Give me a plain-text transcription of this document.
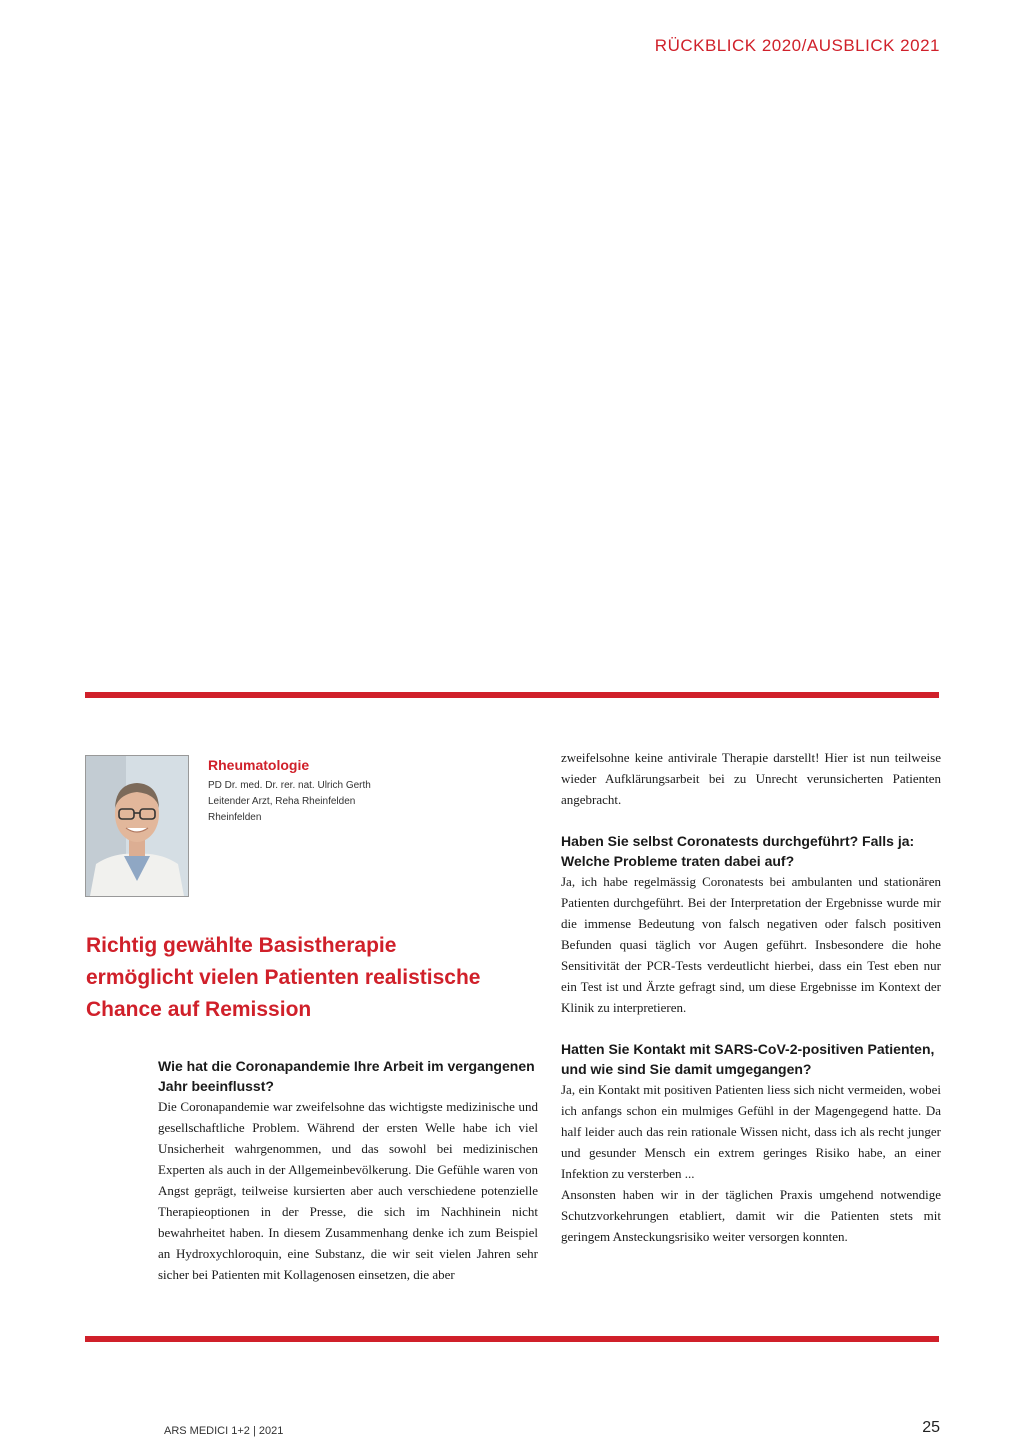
RÜCKBLICK 2020/AUSBLICK 2021
Rheumatologie
PD Dr. med. Dr. rer. nat. Ulrich Gerth
Leitender Arzt, Reha Rheinfelden
Rheinfelden
Richtig gewählte Basistherapie
ermöglicht vielen Patienten realistische
Chance auf Remission
Wie hat die Coronapandemie Ihre Arbeit im vergangenen Jahr beeinflusst?
Die Coronapandemie war zweifelsohne das wichtigste medizinische und gesellschaftliche Problem. Während der ersten Welle habe ich viel Unsicherheit wahrgenommen, und das sowohl bei medizinischen Experten als auch in der Allgemeinbevölkerung. Die Gefühle waren von Angst geprägt, teilweise kursierten aber auch verschiedene potenzielle Therapieoptionen in der Presse, die sich im Nachhinein nicht bewahrheitet haben. In diesem Zusammenhang denke ich zum Beispiel an Hydroxychloroquin, eine Substanz, die wir seit vielen Jahren sehr sicher bei Patienten mit Kollagenosen einsetzen, die aber
zweifelsohne keine antivirale Therapie darstellt! Hier ist nun teilweise wieder Aufklärungsarbeit bei zu Unrecht verunsicherten Patienten angebracht.
Haben Sie selbst Coronatests durchgeführt? Falls ja: Welche Probleme traten dabei auf?
Ja, ich habe regelmässig Coronatests bei ambulanten und stationären Patienten durchgeführt. Bei der Interpretation der Ergebnisse wurde mir die immense Bedeutung von falsch negativen oder falsch positiven Befunden quasi täglich vor Augen geführt. Insbesondere die hohe Sensitivität der PCR-Tests verdeutlicht hierbei, dass ein Test eben nur ein Test ist und Ärzte gefragt sind, um diese Ergebnisse im Kontext der Klinik zu interpretieren.
Hatten Sie Kontakt mit SARS-CoV-2-positiven Patienten, und wie sind Sie damit umgegangen?
Ja, ein Kontakt mit positiven Patienten liess sich nicht vermeiden, wobei ich anfangs schon ein mulmiges Gefühl in der Magengegend hatte. Da half leider auch das rein rationale Wissen nicht, dass ich als recht junger und gesunder Mensch ein extrem geringes Risiko habe, an einer Infektion zu versterben ...
Ansonsten haben wir in der täglichen Praxis umgehend notwendige Schutzvorkehrungen etabliert, damit wir die Patienten stets mit geringem Ansteckungsrisiko weiter versorgen konnten.
ARS MEDICI 1+2 | 2021	25
